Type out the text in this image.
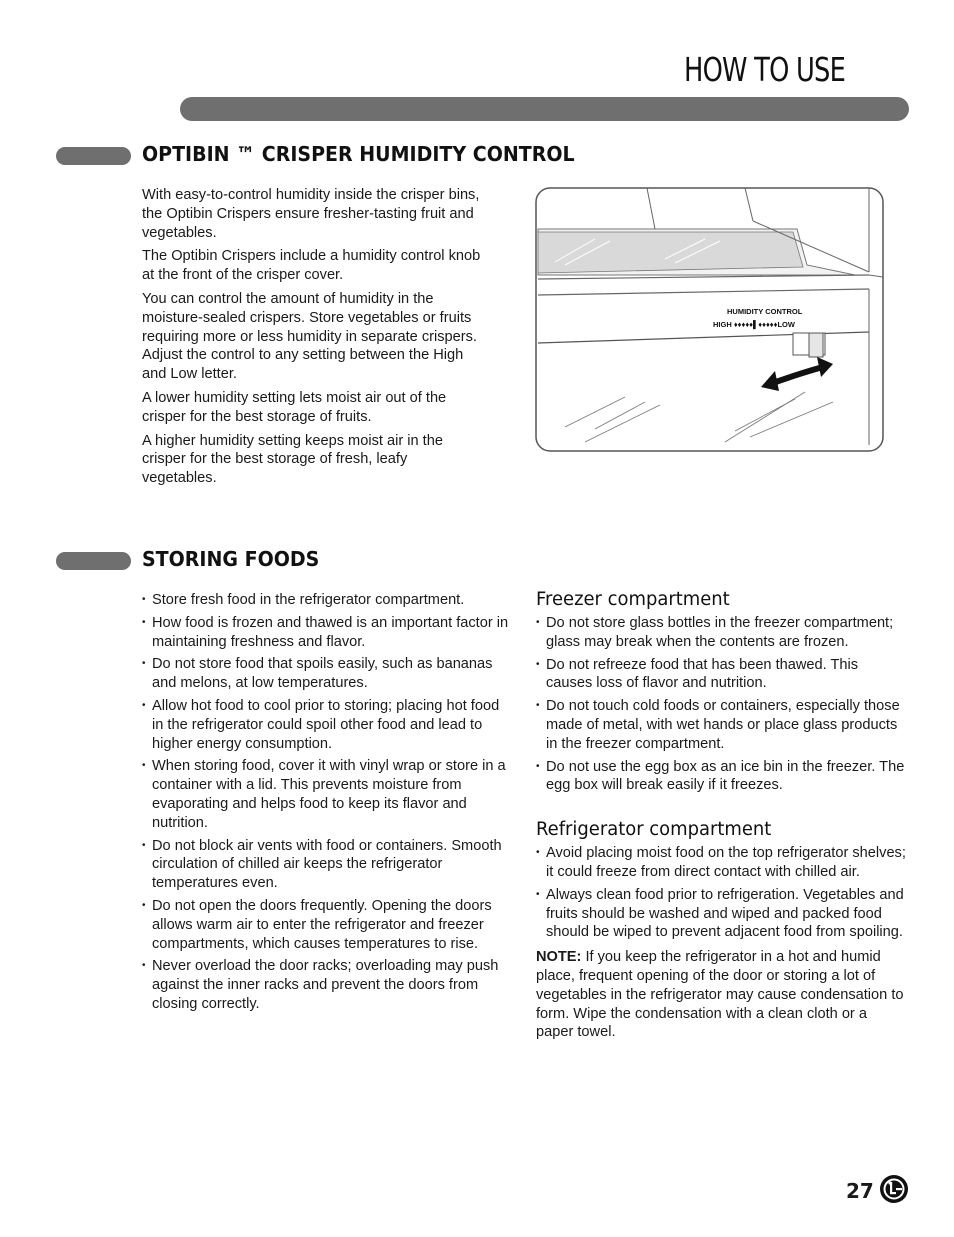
HOW TO USE
OPTIBIN ™ CRISPER HUMIDITY CONTROL

With easy-to-control humidity inside the crisper bins, the Optibin Crispers ensure fresher-tasting fruit and vegetables.

The Optibin Crispers include a humidity control knob at the front of the crisper cover.

You can control the amount of humidity in the moisture-sealed crispers. Store vegetables or fruits requiring more or less humidity in separate crispers. Adjust the control to any setting between the High and Low letter.

A lower humidity setting lets moist air out of the crisper for the best storage of fruits.

A higher humidity setting keeps moist air in the crisper for the best storage of fresh, leafy vegetables.

HUMIDITY CONTROL
HIGH ♦♦♦♦♦▌♦♦♦♦♦LOW
STORING FOODS
• Store fresh food in the refrigerator compartment.
• How food is frozen and thawed is an important factor in maintaining freshness and flavor.
• Do not store food that spoils easily, such as bananas and melons, at low temperatures.
• Allow hot food to cool prior to storing; placing hot food in the refrigerator could spoil other food and lead to higher energy consumption.
• When storing food, cover it with vinyl wrap or store in a container with a lid. This prevents moisture from evaporating and helps food to keep its flavor and nutrition.
• Do not block air vents with food or containers. Smooth circulation of chilled air keeps the refrigerator temperatures even.
• Do not open the doors frequently. Opening the doors allows warm air to enter the refrigerator and freezer compartments, which causes temperatures to rise.
• Never overload the door racks; overloading may push against the inner racks and prevent the doors from closing correctly.
Freezer compartment
• Do not store glass bottles in the freezer compartment; glass may break when the contents are frozen.
• Do not refreeze food that has been thawed. This causes loss of flavor and nutrition.
• Do not touch cold foods or containers, especially those made of metal, with wet hands or place glass products in the freezer compartment.
• Do not use the egg box as an ice bin in the freezer. The egg box will break easily if it freezes.
Refrigerator compartment
• Avoid placing moist food on the top refrigerator shelves; it could freeze from direct contact with chilled air.
• Always clean food prior to refrigeration. Vegetables and fruits should be washed and wiped and packed food should be wiped to prevent adjacent food from spoiling.
NOTE: If you keep the refrigerator in a hot and humid place, frequent opening of the door or storing a lot of vegetables in the refrigerator may cause condensation to form. Wipe the condensation with a clean cloth or a paper towel.
27
